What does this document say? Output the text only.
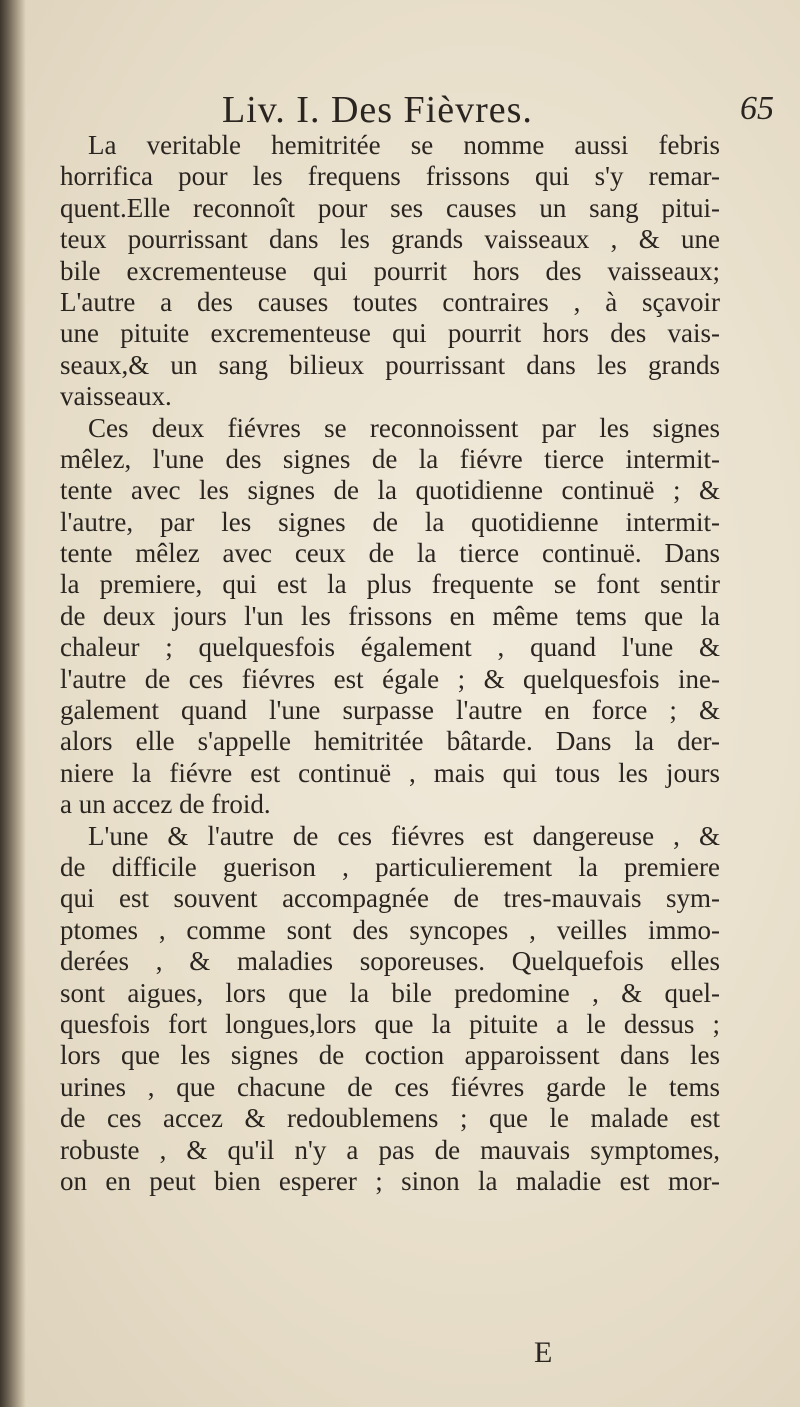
Liv. I. Des Fièvres.	65
La veritable hemitritée se nomme aussi febris
horrifica pour les frequens frissons qui s'y remar-
quent.Elle reconnoît pour ses causes un sang pitui-
teux pourrissant dans les grands vaisseaux , & une
bile excrementeuse qui pourrit hors des vaisseaux;
L'autre a des causes toutes contraires , à sçavoir
une pituite excrementeuse qui pourrit hors des vais-
seaux,& un sang bilieux pourrissant dans les grands
vaisseaux.
Ces deux fiévres se reconnoissent par les signes
mêlez, l'une des signes de la fiévre tierce intermit-
tente avec les signes de la quotidienne continuë ; &
l'autre, par les signes de la quotidienne intermit-
tente mêlez avec ceux de la tierce continuë. Dans
la premiere, qui est la plus frequente se font sentir
de deux jours l'un les frissons en même tems que la
chaleur ; quelquesfois également , quand l'une &
l'autre de ces fiévres est égale ; & quelquesfois ine-
galement quand l'une surpasse l'autre en force ; &
alors elle s'appelle hemitritée bâtarde. Dans la der-
niere la fiévre est continuë , mais qui tous les jours
a un accez de froid.
L'une & l'autre de ces fiévres est dangereuse , &
de difficile guerison , particulierement la premiere
qui est souvent accompagnée de tres-mauvais sym-
ptomes , comme sont des syncopes , veilles immo-
derées , & maladies soporeuses. Quelquefois elles
sont aigues, lors que la bile predomine , & quel-
quesfois fort longues,lors que la pituite a le dessus ;
lors que les signes de coction apparoissent dans les
urines , que chacune de ces fiévres garde le tems
de ces accez & redoublemens ; que le malade est
robuste , & qu'il n'y a pas de mauvais symptomes,
on en peut bien esperer ; sinon la maladie est mor-
E
